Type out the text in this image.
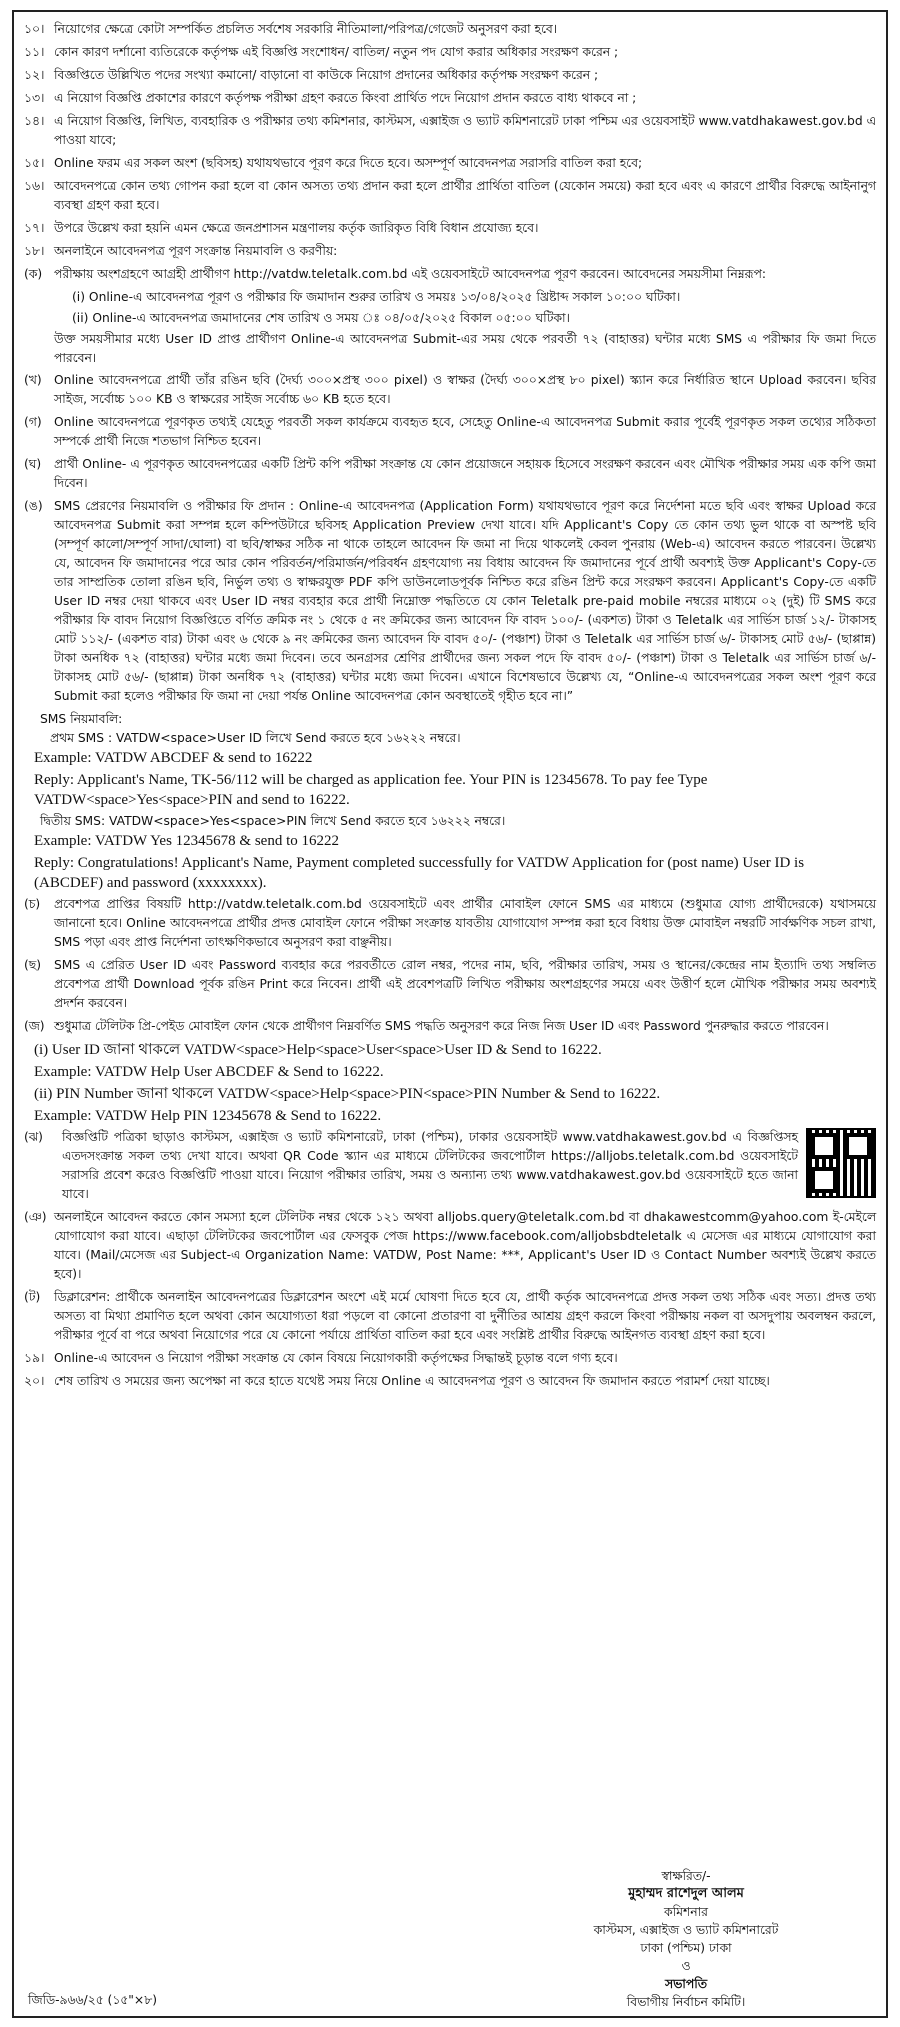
১০। নিয়োগের ক্ষেত্রে কোটা সম্পর্কিত প্রচলিত সর্বশেষ সরকারি নীতিমালা/পরিপত্র/গেজেট অনুসরণ করা হবে।
১১। কোন কারণ দর্শানো ব্যতিরেকে কর্তৃপক্ষ এই বিজ্ঞপ্তি সংশোধন/ বাতিল/ নতুন পদ যোগ করার অধিকার সংরক্ষণ করেন ;
১২। বিজ্ঞপ্তিতে উল্লিখিত পদের সংখ্যা কমানো/ বাড়ানো বা কাউকে নিয়োগ প্রদানের অধিকার কর্তৃপক্ষ সংরক্ষণ করেন ;
১৩। এ নিয়োগ বিজ্ঞপ্তি প্রকাশের কারণে কর্তৃপক্ষ পরীক্ষা গ্রহণ করতে কিংবা প্রার্থিত পদে নিয়োগ প্রদান করতে বাধ্য থাকবে না ;
১৪। এ নিয়োগ বিজ্ঞপ্তি, লিখিত, ব্যবহারিক ও পরীক্ষার তথ্য কমিশনার, কাস্টমস, এক্সাইজ ও ভ্যাট কমিশনারেট ঢাকা পশ্চিম এর ওয়েবসাইট www.vatdhakawest.gov.bd এ পাওয়া যাবে;
১৫। Online ফরম এর সকল অংশ (ছবিসহ) যথাযথভাবে পূরণ করে দিতে হবে। অসম্পূর্ণ আবেদনপত্র সরাসরি বাতিল করা হবে;
১৬। আবেদনপত্রে কোন তথ্য গোপন করা হলে বা কোন অসত্য তথ্য প্রদান করা হলে প্রার্থীর প্রার্থিতা বাতিল (যেকোন সময়ে) করা হবে এবং এ কারণে প্রার্থীর বিরুদ্ধে আইনানুগ ব্যবস্থা গ্রহণ করা হবে।
১৭। উপরে উল্লেখ করা হয়নি এমন ক্ষেত্রে জনপ্রশাসন মন্ত্রণালয় কর্তৃক জারিকৃত বিধি বিধান প্রযোজ্য হবে।
১৮। অনলাইনে আবেদনপত্র পূরণ সংক্রান্ত নিয়মাবলি ও করণীয়:
(ক) পরীক্ষায় অংশগ্রহণে আগ্রহী প্রার্থীগণ http://vatdw.teletalk.com.bd এই ওয়েবসাইটে আবেদনপত্র পূরণ করবেন। আবেদনের সময়সীমা নিম্নরূপ:
(i) Online-এ আবেদনপত্র পূরণ ও পরীক্ষার ফি জমাদান শুরুর তারিখ ও সময়ঃ ১৩/০৪/২০২৫ খ্রিষ্টাব্দ সকাল ১০:০০ ঘটিকা।
(ii) Online-এ আবেদনপত্র জমাদানের শেষ তারিখ ও সময় ঃ ০৪/০৫/২০২৫ বিকাল ০৫:০০ ঘটিকা।
উক্ত সময়সীমার মধ্যে User ID প্রাপ্ত প্রার্থীগণ Online-এ আবেদনপত্র Submit-এর সময় থেকে পরবর্তী ৭২ (বাহাত্তর) ঘন্টার মধ্যে SMS এ পরীক্ষার ফি জমা দিতে পারবেন।
(খ)	Online আবেদনপত্রে প্রার্থী তাঁর রঙিন ছবি (দৈর্ঘ্য ৩০০×প্রস্থ ৩০০ pixel) ও স্বাক্ষর (দৈর্ঘ্য ৩০০×প্রস্থ ৮০ pixel) স্ক্যান করে নির্ধারিত স্থানে Upload করবেন। ছবির সাইজ, সর্বোচ্চ ১০০ KB ও স্বাক্ষরের সাইজ সর্বোচ্চ ৬০ KB হতে হবে।
(গ)	Online আবেদনপত্রে পূরণকৃত তথ্যই যেহেতু পরবর্তী সকল কার্যক্রমে ব্যবহৃত হবে, সেহেতু Online-এ আবেদনপত্র Submit করার পূর্বেই পূরণকৃত সকল তথ্যের সঠিকতা সম্পর্কে প্রার্থী নিজে শতভাগ নিশ্চিত হবেন।
(ঘ)	প্রার্থী Online- এ পূরণকৃত আবেদনপত্রের একটি প্রিন্ট কপি পরীক্ষা সংক্রান্ত যে কোন প্রয়োজনে সহায়ক হিসেবে সংরক্ষণ করবেন এবং মৌখিক পরীক্ষার সময় এক কপি জমা দিবেন।
(ঙ) SMS প্রেরণের নিয়মাবলি ও পরীক্ষার ফি প্রদান : Online-এ আবেদনপত্র (Application Form) যথাযথভাবে পূরণ করে নির্দেশনা মতে ছবি এবং স্বাক্ষর Upload করে আবেদনপত্র Submit করা সম্পন্ন হলে কম্পিউটারে ছবিসহ Application Preview দেখা যাবে। যদি Applicant's Copy তে কোন তথ্য ভুল থাকে বা অস্পষ্ট ছবি (সম্পূর্ণ কালো/সম্পূর্ণ সাদা/ঘোলা) বা ছবি/স্বাক্ষর সঠিক না থাকে তাহলে আবেদন ফি জমা না দিয়ে থাকলেই কেবল পুনরায় (Web-এ) আবেদন করতে পারবেন। উল্লেখ্য যে, আবেদন ফি জমাদানের পরে আর কোন পরিবর্তন/পরিমার্জন/পরিবর্ধন গ্রহণযোগ্য নয় বিধায় আবেদন ফি জমাদানের পূর্বে প্রার্থী অবশ্যই উক্ত Applicant's Copy-তে তার সাম্প্রতিক তোলা রঙিন ছবি, নির্ভুল তথ্য ও স্বাক্ষরযুক্ত PDF কপি ডাউনলোডপূর্বক নিশ্চিত করে রঙিন প্রিন্ট করে সংরক্ষণ করবেন। Applicant's Copy-তে একটি User ID নম্বর দেয়া থাকবে এবং User ID নম্বর ব্যবহার করে প্রার্থী নিম্নোক্ত পদ্ধতিতে যে কোন Teletalk pre-paid mobile নম্বরের মাধ্যমে ০২ (দুই) টি SMS করে পরীক্ষার ফি বাবদ নিয়োগ বিজ্ঞপ্তিতে বর্ণিত ক্রমিক নং ১ থেকে ৫ নং ক্রমিকের জন্য আবেদন ফি বাবদ ১০০/- (একশত) টাকা ও Teletalk এর সার্ভিস চার্জ ১২/- টাকাসহ মোট ১১২/- (একশত বার) টাকা এবং ৬ থেকে ৯ নং ক্রমিকের জন্য আবেদন ফি বাবদ ৫০/- (পঞ্চাশ) টাকা ও Teletalk এর সার্ভিস চার্জ ৬/- টাকাসহ মোট ৫৬/- (ছাপ্পান্ন) টাকা অনধিক ৭২ (বাহাত্তর) ঘন্টার মধ্যে জমা দিবেন। তবে অনগ্রসর শ্রেণির প্রার্থীদের জন্য সকল পদে ফি বাবদ ৫০/- (পঞ্চাশ) টাকা ও Teletalk এর সার্ভিস চার্জ ৬/- টাকাসহ মোট ৫৬/- (ছাপ্পান্ন) টাকা অনধিক ৭২ (বাহাত্তর) ঘন্টার মধ্যে জমা দিবেন। এখানে বিশেষভাবে উল্লেখ্য যে, “Online-এ আবেদনপত্রের সকল অংশ পূরণ করে Submit করা হলেও পরীক্ষার ফি জমা না দেয়া পর্যন্ত Online আবেদনপত্র কোন অবস্থাতেই গৃহীত হবে না।”
SMS নিয়মাবলি:
প্রথম SMS : VATDW<space>User ID লিখে Send করতে হবে ১৬২২২ নম্বরে।
Example: VATDW ABCDEF & send to 16222
Reply: Applicant's Name, TK-56/112 will be charged as application fee. Your PIN is 12345678. To pay fee Type VATDW<space>Yes<space>PIN and send to 16222.
দ্বিতীয় SMS: VATDW<space>Yes<space>PIN লিখে Send করতে হবে ১৬২২২ নম্বরে।
Example: VATDW Yes 12345678 & send to 16222
Reply: Congratulations! Applicant's Name, Payment completed successfully for VATDW Application for (post name) User ID is (ABCDEF) and password (xxxxxxxx).
(চ)	প্রবেশপত্র প্রাপ্তির বিষয়টি http://vatdw.teletalk.com.bd ওয়েবসাইটে এবং প্রার্থীর মোবাইল ফোনে SMS এর মাধ্যমে (শুধুমাত্র যোগ্য প্রার্থীদেরকে) যথাসময়ে জানানো হবে। Online আবেদনপত্রে প্রার্থীর প্রদত্ত মোবাইল ফোনে পরীক্ষা সংক্রান্ত যাবতীয় যোগাযোগ সম্পন্ন করা হবে বিধায় উক্ত মোবাইল নম্বরটি সার্বক্ষণিক সচল রাখা, SMS পড়া এবং প্রাপ্ত নির্দেশনা তাৎক্ষণিকভাবে অনুসরণ করা বাঞ্ছনীয়।
(ছ)	SMS এ প্রেরিত User ID এবং Password ব্যবহার করে পরবর্তীতে রোল নম্বর, পদের নাম, ছবি, পরীক্ষার তারিখ, সময় ও স্থানের/কেন্দ্রের নাম ইত্যাদি তথ্য সম্বলিত প্রবেশপত্র প্রার্থী Download পূর্বক রঙিন Print করে নিবেন। প্রার্থী এই প্রবেশপত্রটি লিখিত পরীক্ষায় অংশগ্রহণের সময়ে এবং উত্তীর্ণ হলে মৌখিক পরীক্ষার সময় অবশ্যই প্রদর্শন করবেন।
(জ) শুধুমাত্র টেলিটক প্রি-পেইড মোবাইল ফোন থেকে প্রার্থীগণ নিম্নবর্ণিত SMS পদ্ধতি অনুসরণ করে নিজ নিজ User ID এবং Password পুনরুদ্ধার করতে পারবেন।
(i) User ID জানা থাকলে VATDW<space>Help<space>User<space>User ID & Send to 16222.
Example: VATDW Help User ABCDEF & Send to 16222.
(ii) PIN Number জানা থাকলে VATDW<space>Help<space>PIN<space>PIN Number & Send to 16222.
Example: VATDW Help PIN 12345678 & Send to 16222.
(ঝ)	বিজ্ঞপ্তিটি পত্রিকা ছাড়াও কাস্টমস, এক্সাইজ ও ভ্যাট কমিশনারেট, ঢাকা (পশ্চিম), ঢাকার ওয়েবসাইট www.vatdhakawest.gov.bd এ বিজ্ঞপ্তিসহ এতদসংক্রান্ত সকল তথ্য দেখা যাবে। অথবা QR Code স্ক্যান এর মাধ্যমে টেলিটকের জবপোর্টাল https://alljobs.teletalk.com.bd ওয়েবসাইটে সরাসরি প্রবেশ করেও বিজ্ঞপ্তিটি পাওয়া যাবে। নিয়োগ পরীক্ষার তারিখ, সময় ও অন্যান্য তথ্য www.vatdhakawest.gov.bd ওয়েবসাইটে হতে জানা যাবে।
(ঞ) অনলাইনে আবেদন করতে কোন সমস্যা হলে টেলিটক নম্বর থেকে ১২১ অথবা alljobs.query@teletalk.com.bd বা dhakawestcomm@yahoo.com ই-মেইলে যোগাযোগ করা যাবে। এছাড়া টেলিটকের জবপোর্টাল এর ফেসবুক পেজ https://www.facebook.com/alljobsbdteletalk এ মেসেজ এর মাধ্যমে যোগাযোগ করা যাবে। (Mail/মেসেজ এর Subject-এ Organization Name: VATDW, Post Name: ***, Applicant's User ID ও Contact Number অবশ্যই উল্লেখ করতে হবে)।
(ট)	ডিক্লারেশন: প্রার্থীকে অনলাইন আবেদনপত্রের ডিক্লারেশন অংশে এই মর্মে ঘোষণা দিতে হবে যে, প্রার্থী কর্তৃক আবেদনপত্রে প্রদত্ত সকল তথ্য সঠিক এবং সত্য। প্রদত্ত তথ্য অসত্য বা মিথ্যা প্রমাণিত হলে অথবা কোন অযোগ্যতা ধরা পড়লে বা কোনো প্রতারণা বা দুর্নীতির আশ্রয় গ্রহণ করলে কিংবা পরীক্ষায় নকল বা অসদুপায় অবলম্বন করলে, পরীক্ষার পূর্বে বা পরে অথবা নিয়োগের পরে যে কোনো পর্যায়ে প্রার্থিতা বাতিল করা হবে এবং সংশ্লিষ্ট প্রার্থীর বিরুদ্ধে আইনগত ব্যবস্থা গ্রহণ করা হবে।
১৯। Online-এ আবেদন ও নিয়োগ পরীক্ষা সংক্রান্ত যে কোন বিষয়ে নিয়োগকারী কর্তৃপক্ষের সিদ্ধান্তই চূড়ান্ত বলে গণ্য হবে।
২০। শেষ তারিখ ও সময়ের জন্য অপেক্ষা না করে হাতে যথেষ্ট সময় নিয়ে Online এ আবেদনপত্র পূরণ ও আবেদন ফি জমাদান করতে পরামর্শ দেয়া যাচ্ছে।
স্বাক্ষরিত/-
মুহাম্মদ রাশেদুল আলম
কমিশনার
কাস্টমস, এক্সাইজ ও ভ্যাট কমিশনারেট
ঢাকা (পশ্চিম) ঢাকা
ও
সভাপতি
বিভাগীয় নির্বাচন কমিটি।
জিডি-৯৬৬/২৫ (১৫"×৮)
